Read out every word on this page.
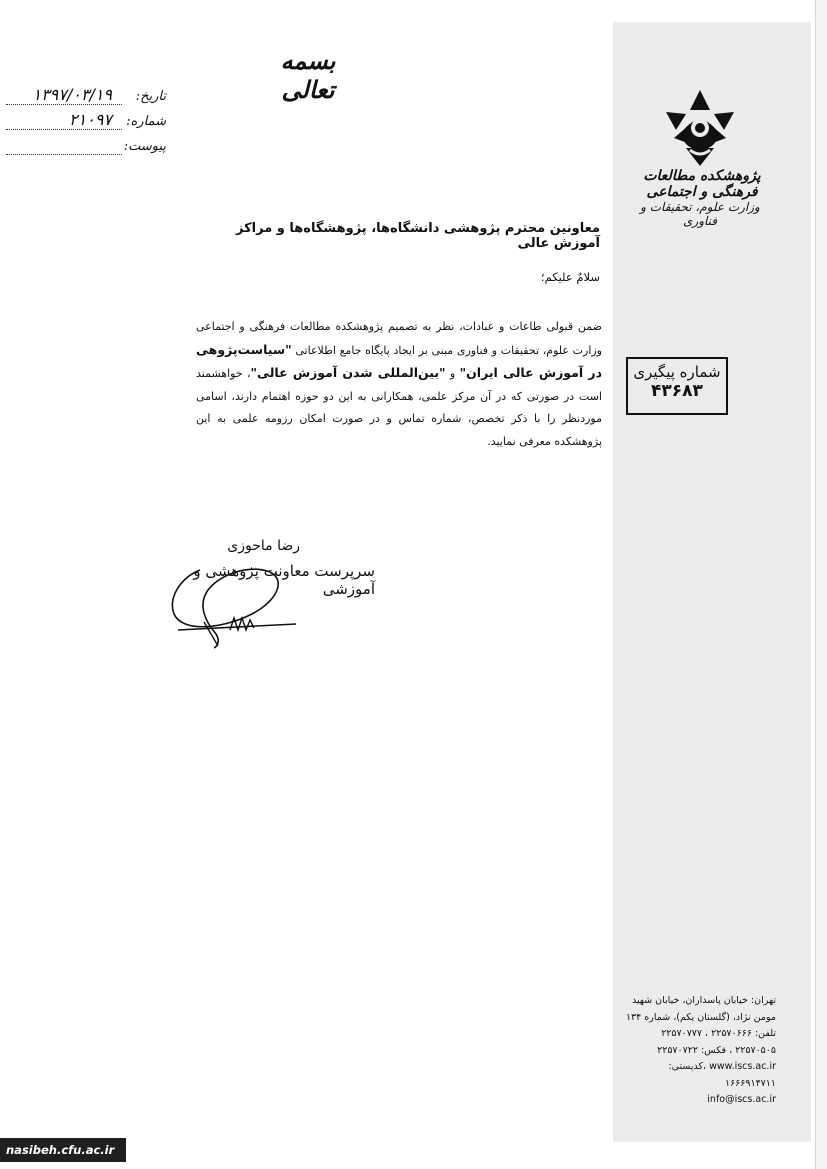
بسمه تعالی
تاریخ:
۱۳۹۷/۰۳/۱۹
شماره:
۲۱۰۹۷
پیوست:
پژوهشکده مطالعات فرهنگی و اجتماعی
وزارت علوم، تحقیقات و فناوری
شماره پیگیری
۴۳۶۸۳
معاونین محترم پژوهشی دانشگاه‌ها، پژوهشگاه‌ها و مراکز آموزش عالی
سلامٌ علیکم؛
ضمن قبولی طاعات و عبادات، نظر به تصمیم پژوهشکده مطالعات فرهنگی و اجتماعی وزارت علوم، تحقیقات و فناوری مبنی بر ایجاد پایگاه جامع اطلاعاتی "سیاست‌پژوهی در آموزش عالی ایران" و "بین‌المللی شدن آموزش عالی"، خواهشمند است در صورتی که در آن مرکز علمی، همکارانی به این دو حوزه اهتمام دارند، اسامی موردنظر را با ذکر تخصص، شماره تماس و در صورت امکان رزومه علمی به این پژوهشکده معرفی نمایید.
رضا ماحوزی
سرپرست معاونت پژوهشی و آموزشی
تهران: خیابان پاسداران، خیابان شهید
مومن نژاد، (گلستان یکم)، شماره ۱۳۴
تلفن: ۲۲۵۷۰۶۶۶ ، ۲۲۵۷۰۷۷۷
۲۲۵۷۰۵۰۵ ، فکس: ۲۲۵۷۰۷۲۲
www.iscs.ac.ir ،کدپستی: ۱۶۶۶۹۱۴۷۱۱
info@iscs.ac.ir
nasibeh.cfu.ac.ir
